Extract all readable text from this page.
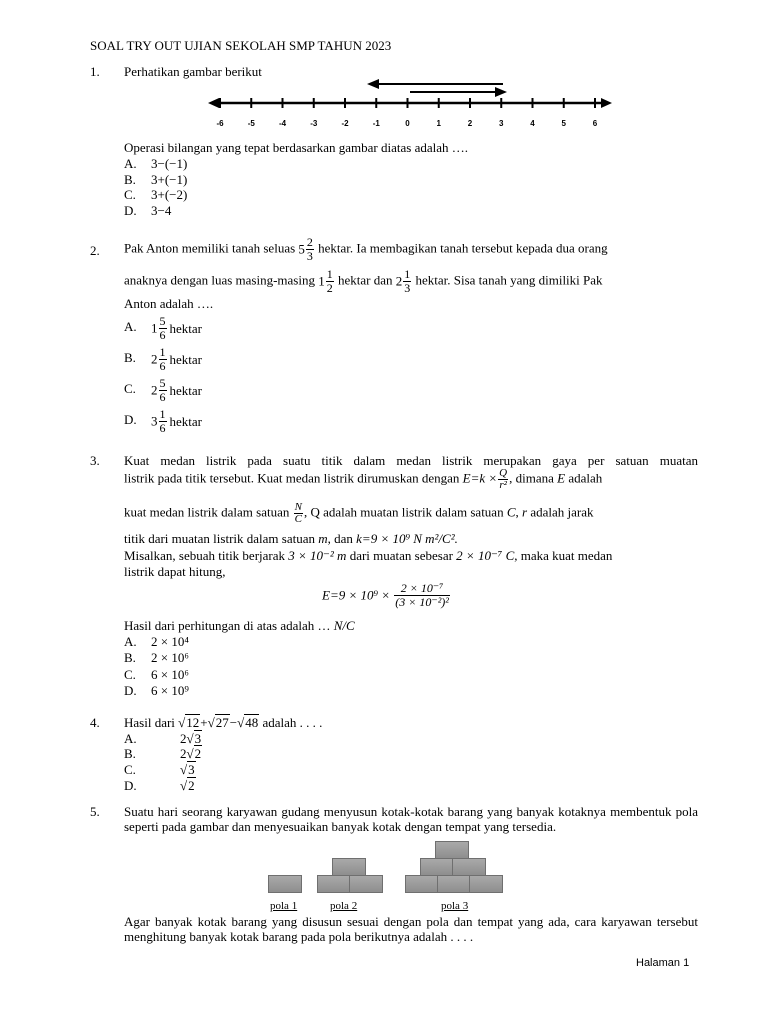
SOAL TRY OUT UJIAN SEKOLAH SMP TAHUN 2023
1. Perhatikan gambar berikut
-6	-5	-4	-3	-2	-1	0	1	2	3	4	5	6
Operasi bilangan yang tepat berdasarkan gambar diatas adalah ….
A. 3−(−1)
B. 3+(−1)
C. 3+(−2)
D. 3−4
2. Pak Anton memiliki tanah seluas $5 \frac{2}{3}$ hektar. Ia membagikan tanah tersebut kepada dua orang
anaknya dengan luas masing-masing $1 \frac{1}{2}$ hektar dan $2 \frac{1}{3}$ hektar. Sisa tanah yang dimiliki Pak
Anton adalah ….
A. $1 \frac{5}{6}$ hektar
B. $2 \frac{1}{6}$ hektar
C. $2 \frac{5}{6}$ hektar
D. $3 \frac{1}{6}$ hektar
3. Kuat medan listrik pada suatu titik dalam medan listrik merupakan gaya per satuan muatan
listrik pada titik tersebut. Kuat medan listrik dirumuskan dengan $E=k \times \frac{Q}{\text{r²}}$ , dimana E adalah
kuat medan listrik dalam satuan $\frac{N}{C}$ , Q adalah muatan listrik dalam satuan C, r adalah jarak
titik dari muatan listrik dalam satuan m, dan k=9 × 10⁹ N m²/C².
Misalkan, sebuah titik berjarak 3 × 10⁻² m dari muatan sebesar 2 × 10⁻⁷ C, maka kuat medan
listrik dapat hitung,
$E=9 \times 10^9 \times \frac{\text{2 × 10⁻⁷}}{\text{(3 × 10⁻²)²}}$
Hasil dari perhitungan di atas adalah … N/C
A. 2 × 10⁴
B. 2 × 10⁶
C. 6 × 10⁶
D. 6 × 10⁹
4. Hasil dari √12+√27−√48 adalah . . . .
A.	2√3
B.	2√2
C.	√3
D.	√2
5. Suatu hari seorang karyawan gudang menyusun kotak-kotak barang yang banyak kotaknya membentuk pola seperti pada gambar dan menyesuaikan banyak kotak dengan tempat yang tersedia.
pola 1	pola 2	pola 3
Agar banyak kotak barang yang disusun sesuai dengan pola dan tempat yang ada, cara karyawan tersebut menghitung banyak kotak barang pada pola berikutnya adalah . . . .
Halaman 1
